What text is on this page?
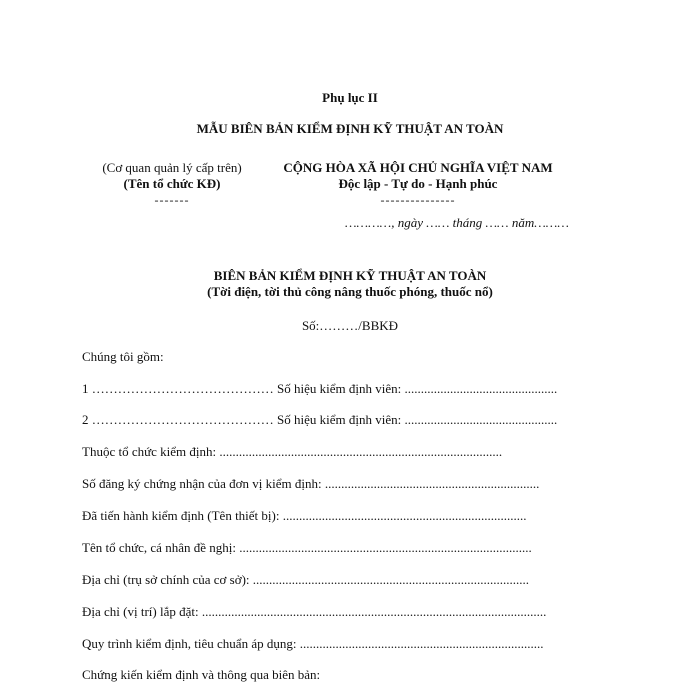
Phụ lục II
MẪU BIÊN BẢN KIỂM ĐỊNH KỸ THUẬT AN TOÀN
(Cơ quan quản lý cấp trên)
(Tên tổ chức KĐ)
-------
CỘNG HÒA XÃ HỘI CHỦ NGHĨA VIỆT NAM
Độc lập - Tự do - Hạnh phúc
---------------
…………, ngày …… tháng …… năm………
BIÊN BẢN KIỂM ĐỊNH KỸ THUẬT AN TOÀN
(Tời điện, tời thủ công nâng thuốc phóng, thuốc nổ)
Số:………/BBKĐ
Chúng tôi gồm:
1 …………………………………… Số hiệu kiểm định viên: ...............................................
2 …………………………………… Số hiệu kiểm định viên: ...............................................
Thuộc tổ chức kiểm định: .......................................................................................
Số đăng ký chứng nhận của đơn vị kiểm định: ..................................................................
Đã tiến hành kiểm định (Tên thiết bị): ...........................................................................
Tên tổ chức, cá nhân đề nghị: ..........................................................................................
Địa chỉ (trụ sở chính của cơ sở): .....................................................................................
Địa chỉ (vị trí) lắp đặt: ..........................................................................................................
Quy trình kiểm định, tiêu chuẩn áp dụng: ...........................................................................
Chứng kiến kiểm định và thông qua biên bản:
